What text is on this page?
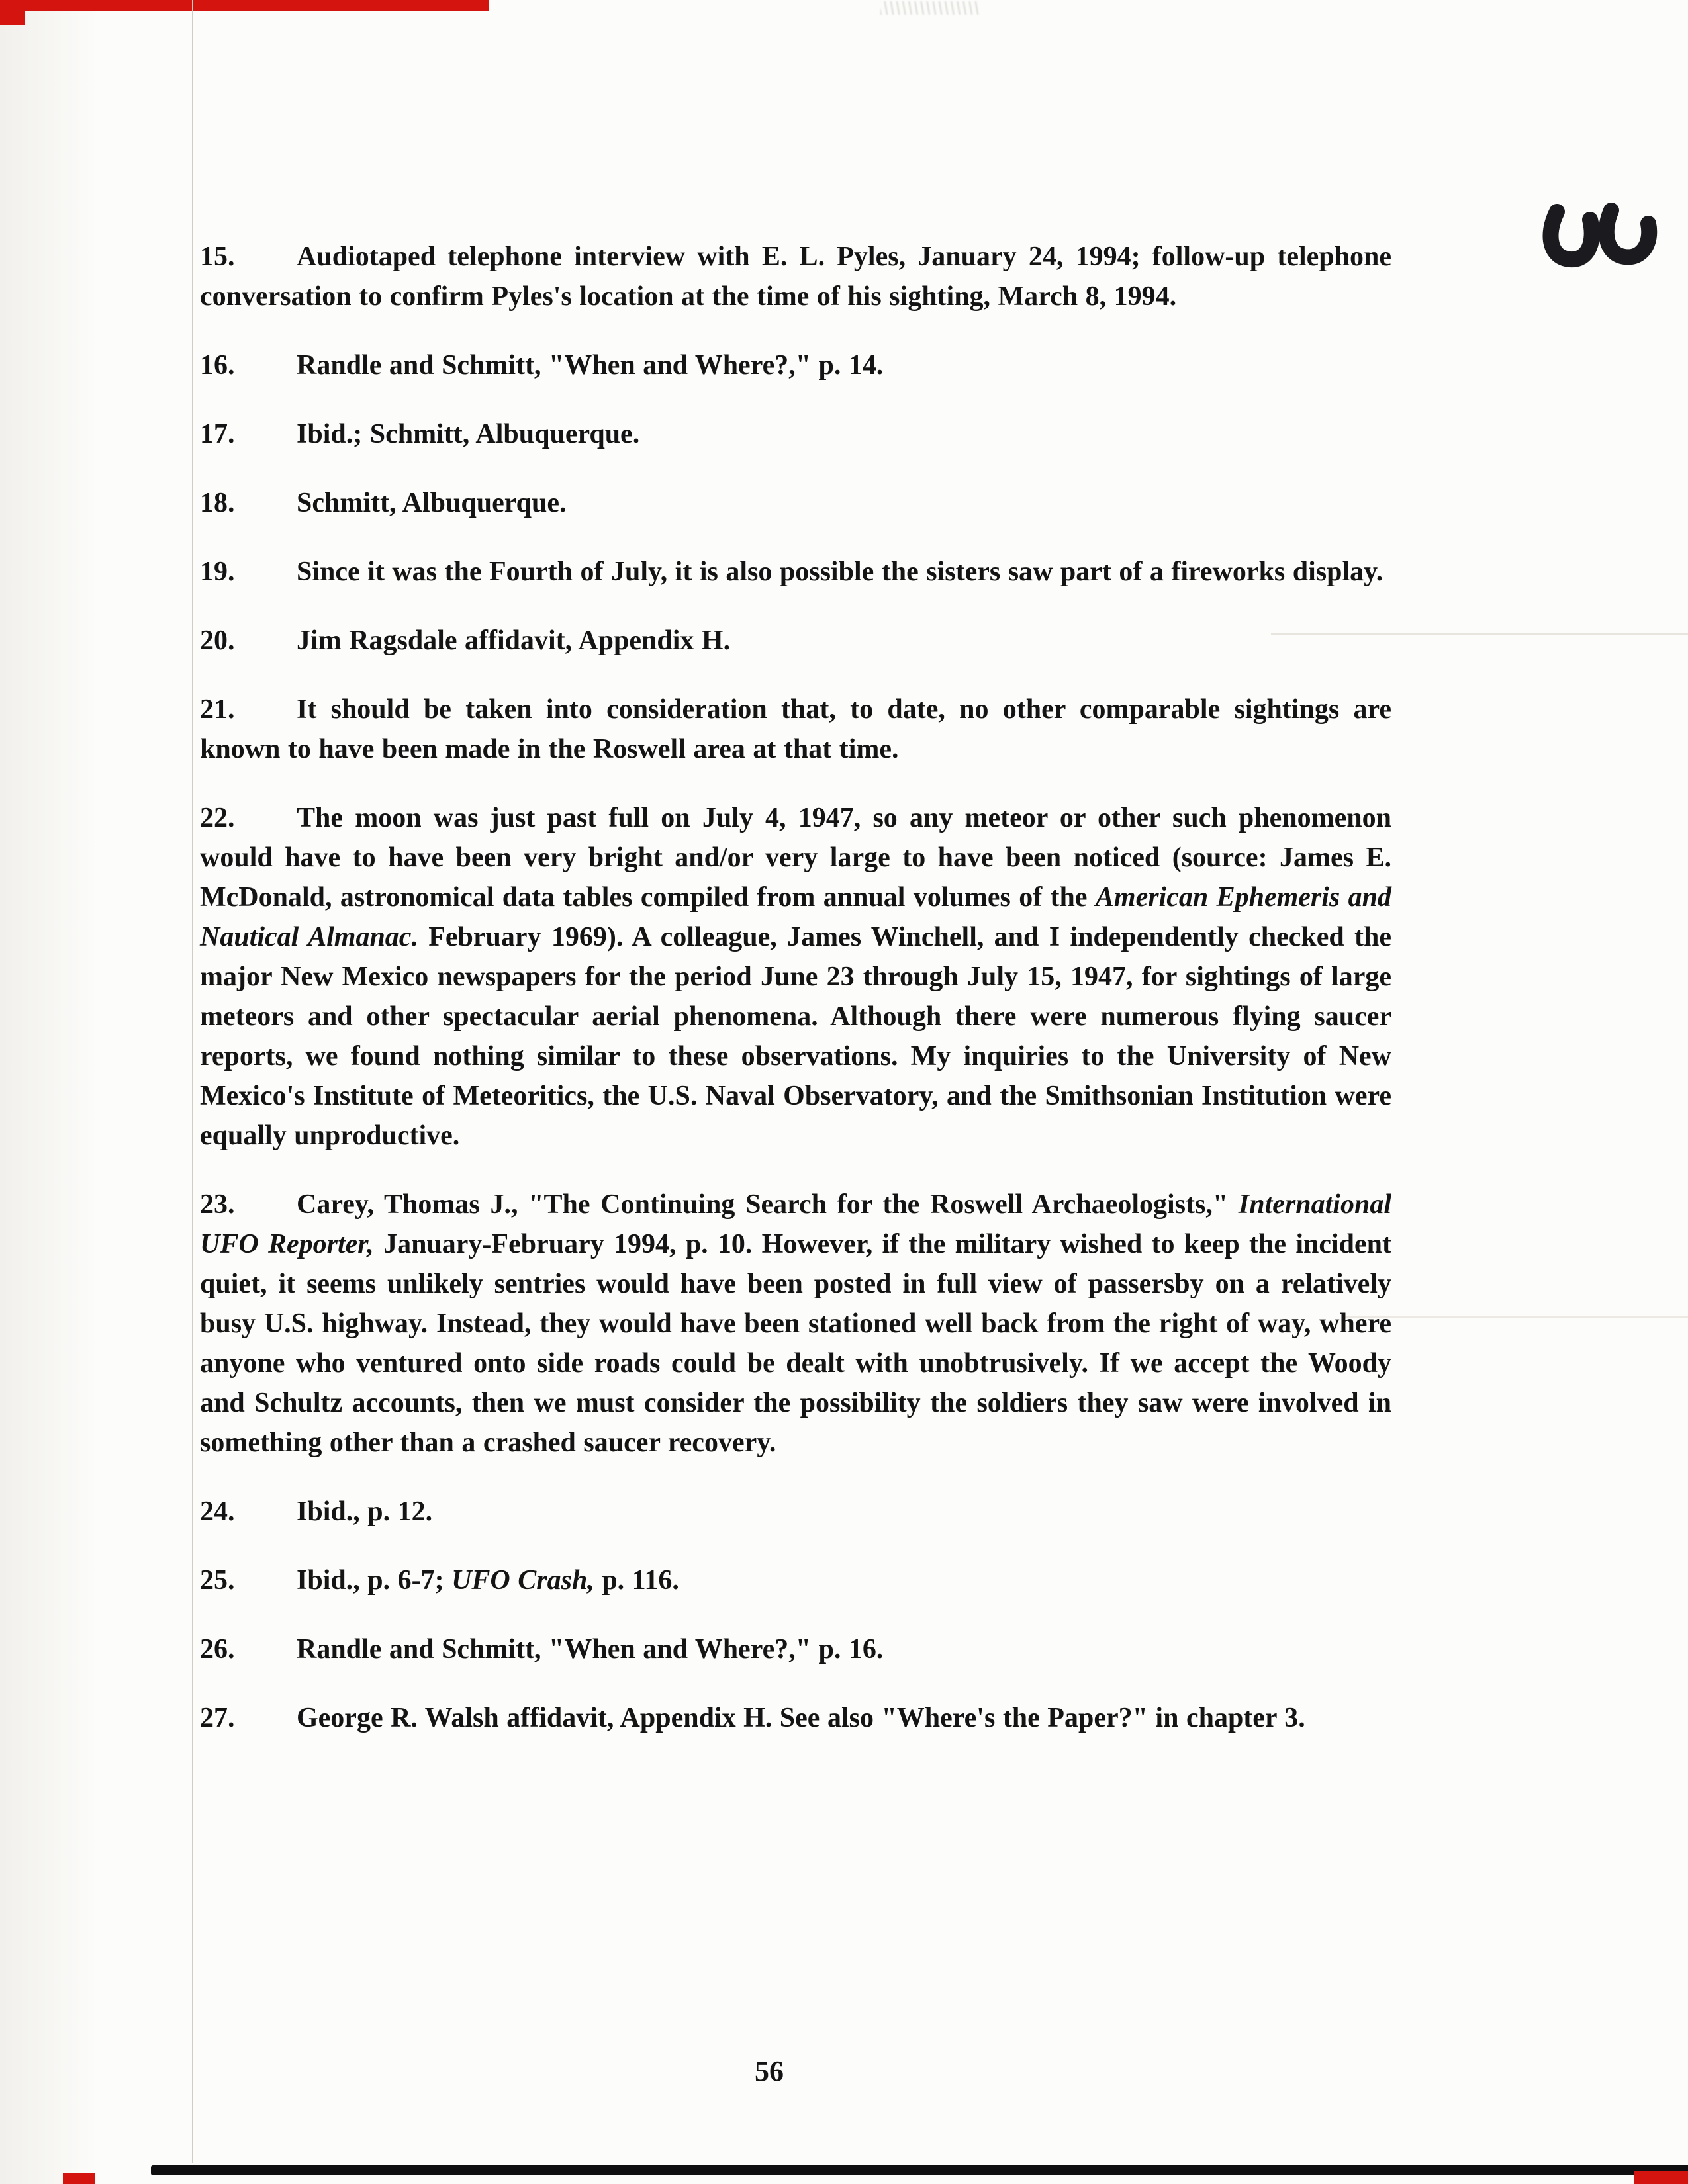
15. Audiotaped telephone interview with E. L. Pyles, January 24, 1994; follow-up telephone conversation to confirm Pyles's location at the time of his sighting, March 8, 1994.

16. Randle and Schmitt, "When and Where?," p. 14.

17. Ibid.; Schmitt, Albuquerque.

18. Schmitt, Albuquerque.

19. Since it was the Fourth of July, it is also possible the sisters saw part of a fireworks display.

20. Jim Ragsdale affidavit, Appendix H.

21. It should be taken into consideration that, to date, no other comparable sightings are known to have been made in the Roswell area at that time.

22. The moon was just past full on July 4, 1947, so any meteor or other such phenomenon would have to have been very bright and/or very large to have been noticed (source: James E. McDonald, astronomical data tables compiled from annual volumes of the American Ephemeris and Nautical Almanac. February 1969). A colleague, James Winchell, and I independently checked the major New Mexico newspapers for the period June 23 through July 15, 1947, for sightings of large meteors and other spectacular aerial phenomena. Although there were numerous flying saucer reports, we found nothing similar to these observations. My inquiries to the University of New Mexico's Institute of Meteoritics, the U.S. Naval Observatory, and the Smithsonian Institution were equally unproductive.

23. Carey, Thomas J., "The Continuing Search for the Roswell Archaeologists," International UFO Reporter, January-February 1994, p. 10. However, if the military wished to keep the incident quiet, it seems unlikely sentries would have been posted in full view of passersby on a relatively busy U.S. highway. Instead, they would have been stationed well back from the right of way, where anyone who ventured onto side roads could be dealt with unobtrusively. If we accept the Woody and Schultz accounts, then we must consider the possibility the soldiers they saw were involved in something other than a crashed saucer recovery.

24. Ibid., p. 12.

25. Ibid., p. 6-7; UFO Crash, p. 116.

26. Randle and Schmitt, "When and Where?," p. 16.

27. George R. Walsh affidavit, Appendix H. See also "Where's the Paper?" in chapter 3.

56
